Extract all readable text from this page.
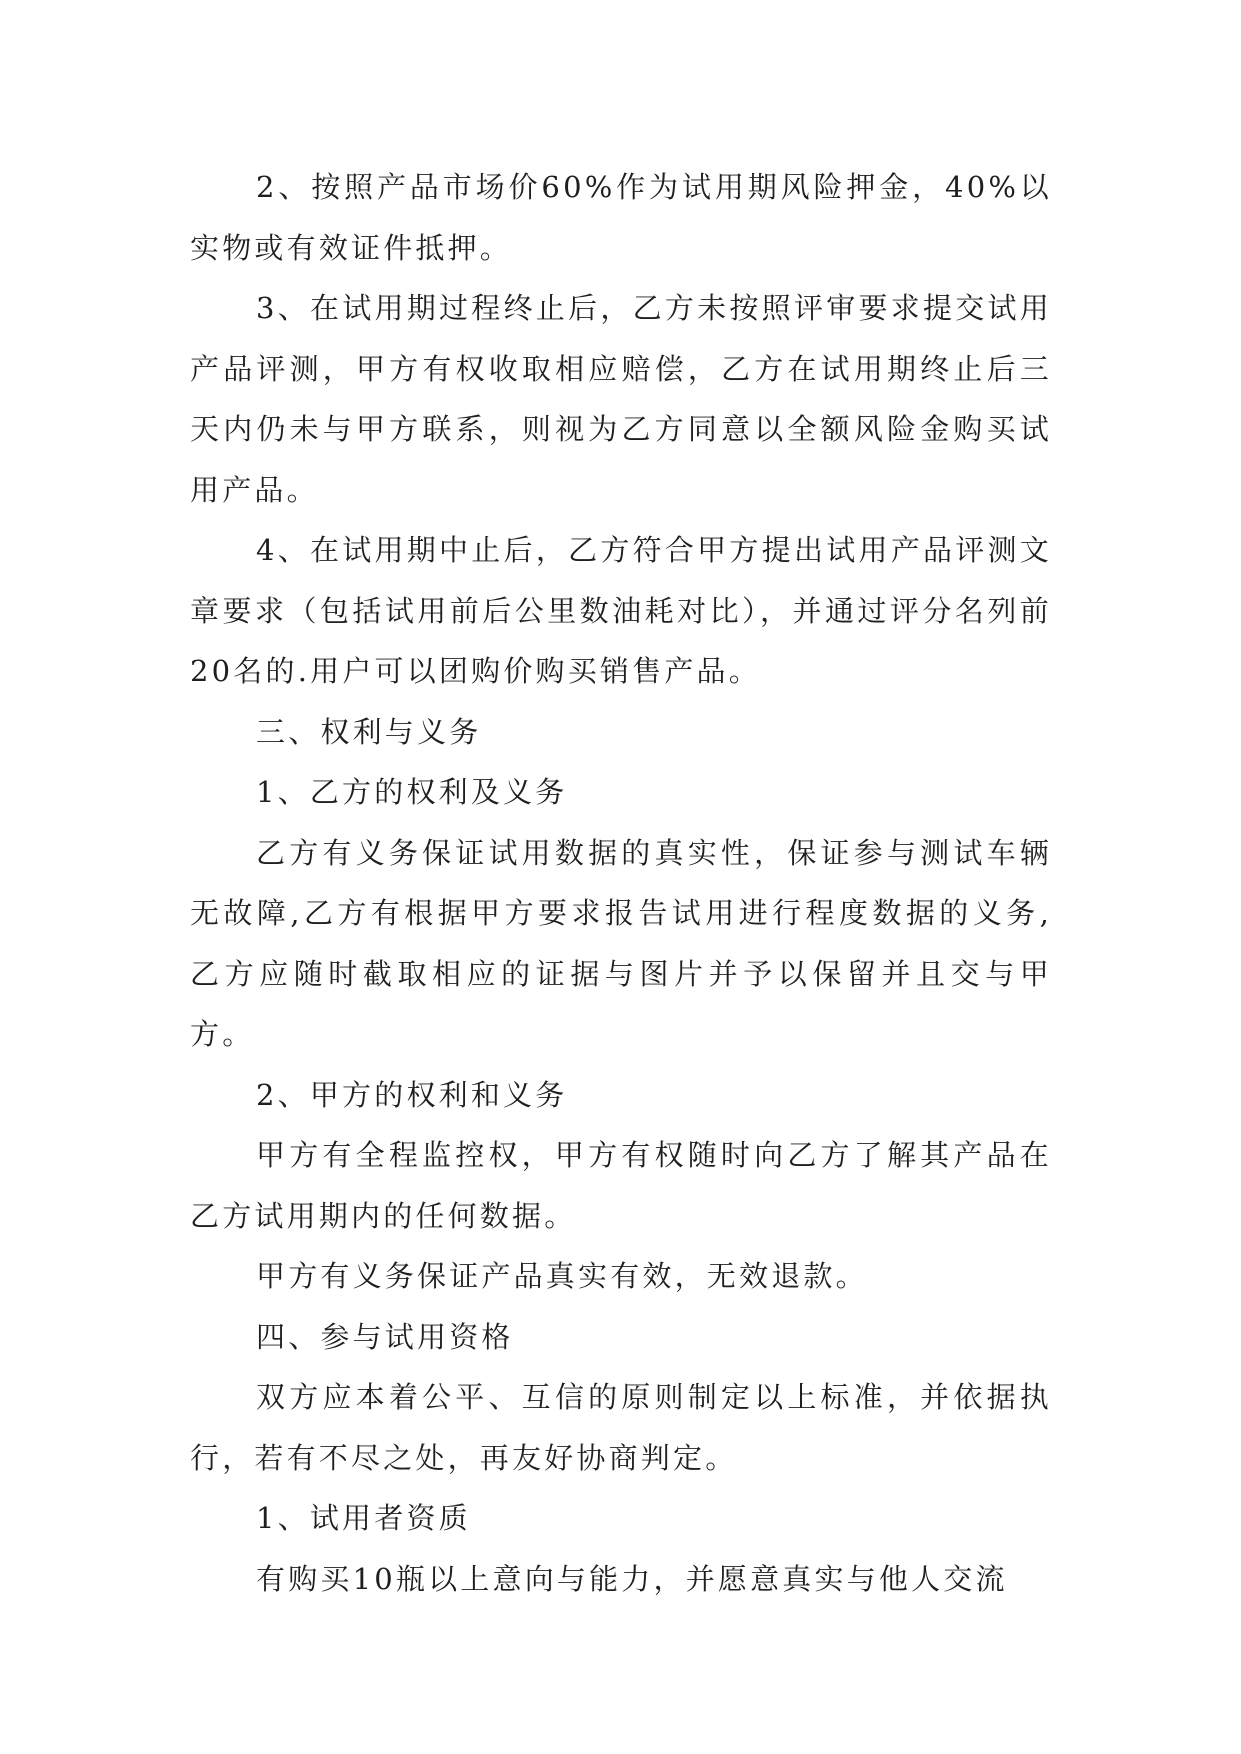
2、按照产品市场价60%作为试用期风险押金，40%以实物或有效证件抵押。

3、在试用期过程终止后，乙方未按照评审要求提交试用产品评测，甲方有权收取相应赔偿，乙方在试用期终止后三天内仍未与甲方联系，则视为乙方同意以全额风险金购买试用产品。

4、在试用期中止后，乙方符合甲方提出试用产品评测文章要求（包括试用前后公里数油耗对比），并通过评分名列前20名的.用户可以团购价购买销售产品。

三、权利与义务

1、乙方的权利及义务

乙方有义务保证试用数据的真实性，保证参与测试车辆无故障,乙方有根据甲方要求报告试用进行程度数据的义务,乙方应随时截取相应的证据与图片并予以保留并且交与甲方。

2、甲方的权利和义务

甲方有全程监控权，甲方有权随时向乙方了解其产品在乙方试用期内的任何数据。

甲方有义务保证产品真实有效，无效退款。

四、参与试用资格

双方应本着公平、互信的原则制定以上标准，并依据执行，若有不尽之处，再友好协商判定。

1、试用者资质

有购买10瓶以上意向与能力，并愿意真实与他人交流
